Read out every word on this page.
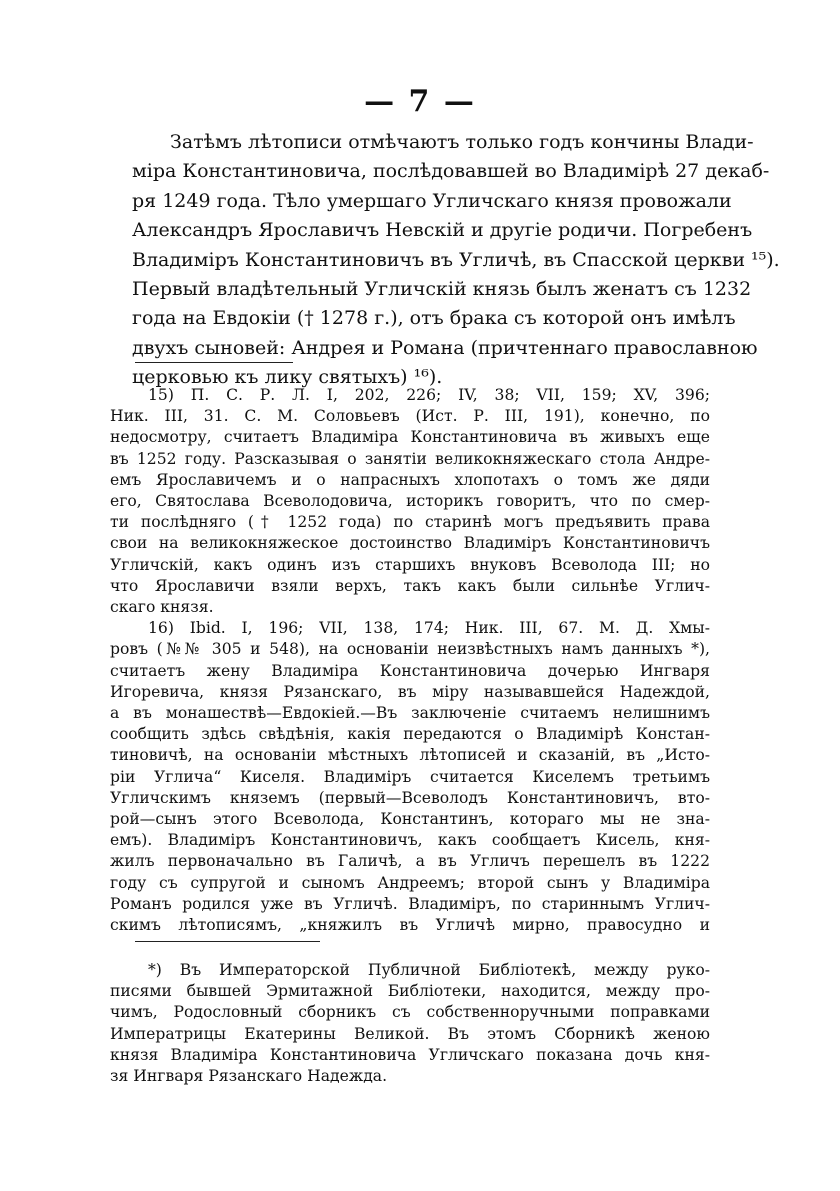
— 7 —
Затѣмъ лѣтописи отмѣчаютъ только годъ кончины Влади-
міра Константиновича, послѣдовавшей во Владимірѣ 27 декаб-
ря 1249 года. Тѣло умершаго Угличскаго князя провожали
Александръ Ярославичъ Невскій и другіе родичи. Погребенъ
Владиміръ Константиновичъ въ Угличѣ, въ Спасской церкви ¹⁵).
Первый владѣтельный Угличскій князь былъ женатъ съ 1232
года на Евдокіи († 1278 г.), отъ брака съ которой онъ имѣлъ
двухъ сыновей: Андрея и Романа (причтеннаго православною
церковью къ лику святыхъ) ¹⁶).
15) П. С. Р. Л. I, 202, 226; IV, 38; VII, 159; XV, 396;
Ник. III, 31. С. М. Соловьевъ (Ист. Р. III, 191), конечно, по
недосмотру, считаетъ Владиміра Константиновича въ живыхъ еще
въ 1252 году. Разсказывая о занятіи великокняжескаго стола Андре-
емъ Ярославичемъ и о напрасныхъ хлопотахъ о томъ же дяди
его, Святослава Всеволодовича, историкъ говоритъ, что по смер-
ти послѣдняго († 1252 года) по старинѣ могъ предъявить права
свои на великокняжеское достоинство Владиміръ Константиновичъ
Угличскій, какъ одинъ изъ старшихъ внуковъ Всеволода III; но
что Ярославичи взяли верхъ, такъ какъ были сильнѣе Углич-
скаго князя.
16) Ibid. I, 196; VII, 138, 174; Ник. III, 67. М. Д. Хмы-
ровъ (№№ 305 и 548), на основаніи неизвѣстныхъ намъ данныхъ *),
считаетъ жену Владиміра Константиновича дочерью Ингваря
Игоревича, князя Рязанскаго, въ міру называвшейся Надеждой,
а въ монашествѣ—Евдокіей.—Въ заключеніе считаемъ нелишнимъ
сообщить здѣсь свѣдѣнія, какія передаются о Владимірѣ Констан-
тиновичѣ, на основаніи мѣстныхъ лѣтописей и сказаній, въ „Исто-
ріи Углича“ Киселя. Владиміръ считается Киселемъ третьимъ
Угличскимъ княземъ (первый—Всеволодъ Константиновичъ, вто-
рой—сынъ этого Всеволода, Константинъ, котораго мы не зна-
емъ). Владиміръ Константиновичъ, какъ сообщаетъ Кисель, кня-
жилъ первоначально въ Галичѣ, а въ Угличъ перешелъ въ 1222
году съ супругой и сыномъ Андреемъ; второй сынъ у Владиміра
Романъ родился уже въ Угличѣ. Владиміръ, по стариннымъ Углич-
скимъ лѣтописямъ, „княжилъ въ Угличѣ мирно, правосудно и
*) Въ Императорской Публичной Библіотекѣ, между руко-
писями бывшей Эрмитажной Библіотеки, находится, между про-
чимъ, Родословный сборникъ съ собственноручными поправками
Императрицы Екатерины Великой. Въ этомъ Сборникѣ женою
князя Владиміра Константиновича Угличскаго показана дочь кня-
зя Ингваря Рязанскаго Надежда.
